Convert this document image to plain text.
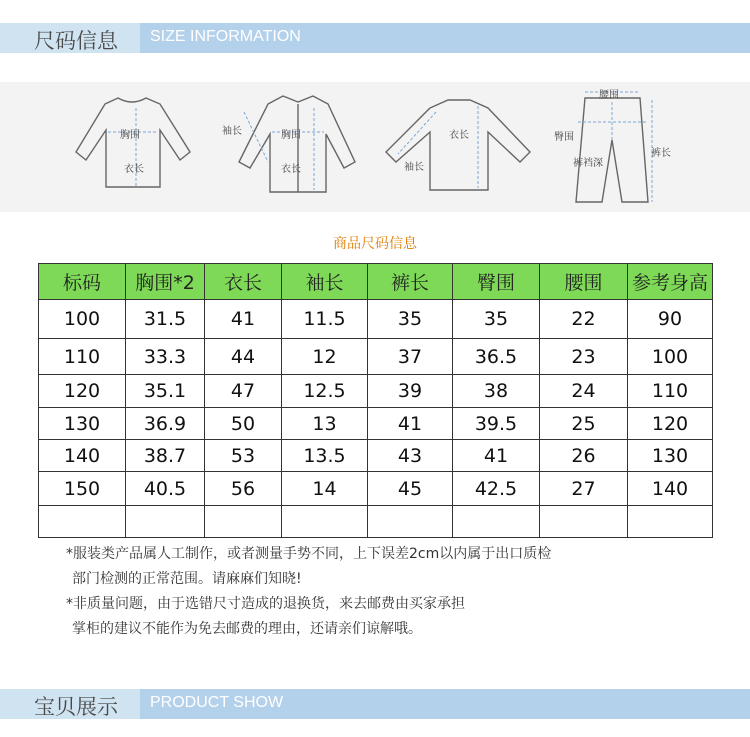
尺码信息 SIZE INFORMATION
胸围
衣长
袖长	胸围
衣长
衣长
袖长
腰围
臀围
裤裆深
裤长
商品尺码信息
标码	胸围*2	衣长	袖长	裤长	臀围	腰围	参考身高
100	31.5	41	11.5	35	35	22	90
110	33.3	44	12	37	36.5	23	100
120	35.1	47	12.5	39	38	24	110
130	36.9	50	13	41	39.5	25	120
140	38.7	53	13.5	43	41	26	130
150	40.5	56	14	45	42.5	27	140

*服装类产品属人工制作，或者测量手势不同，上下误差2cm以内属于出口质检
部门检测的正常范围。请麻麻们知晓!
*非质量问题，由于选错尺寸造成的退换货，来去邮费由买家承担
掌柜的建议不能作为免去邮费的理由，还请亲们谅解哦。
宝贝展示 PRODUCT SHOW
